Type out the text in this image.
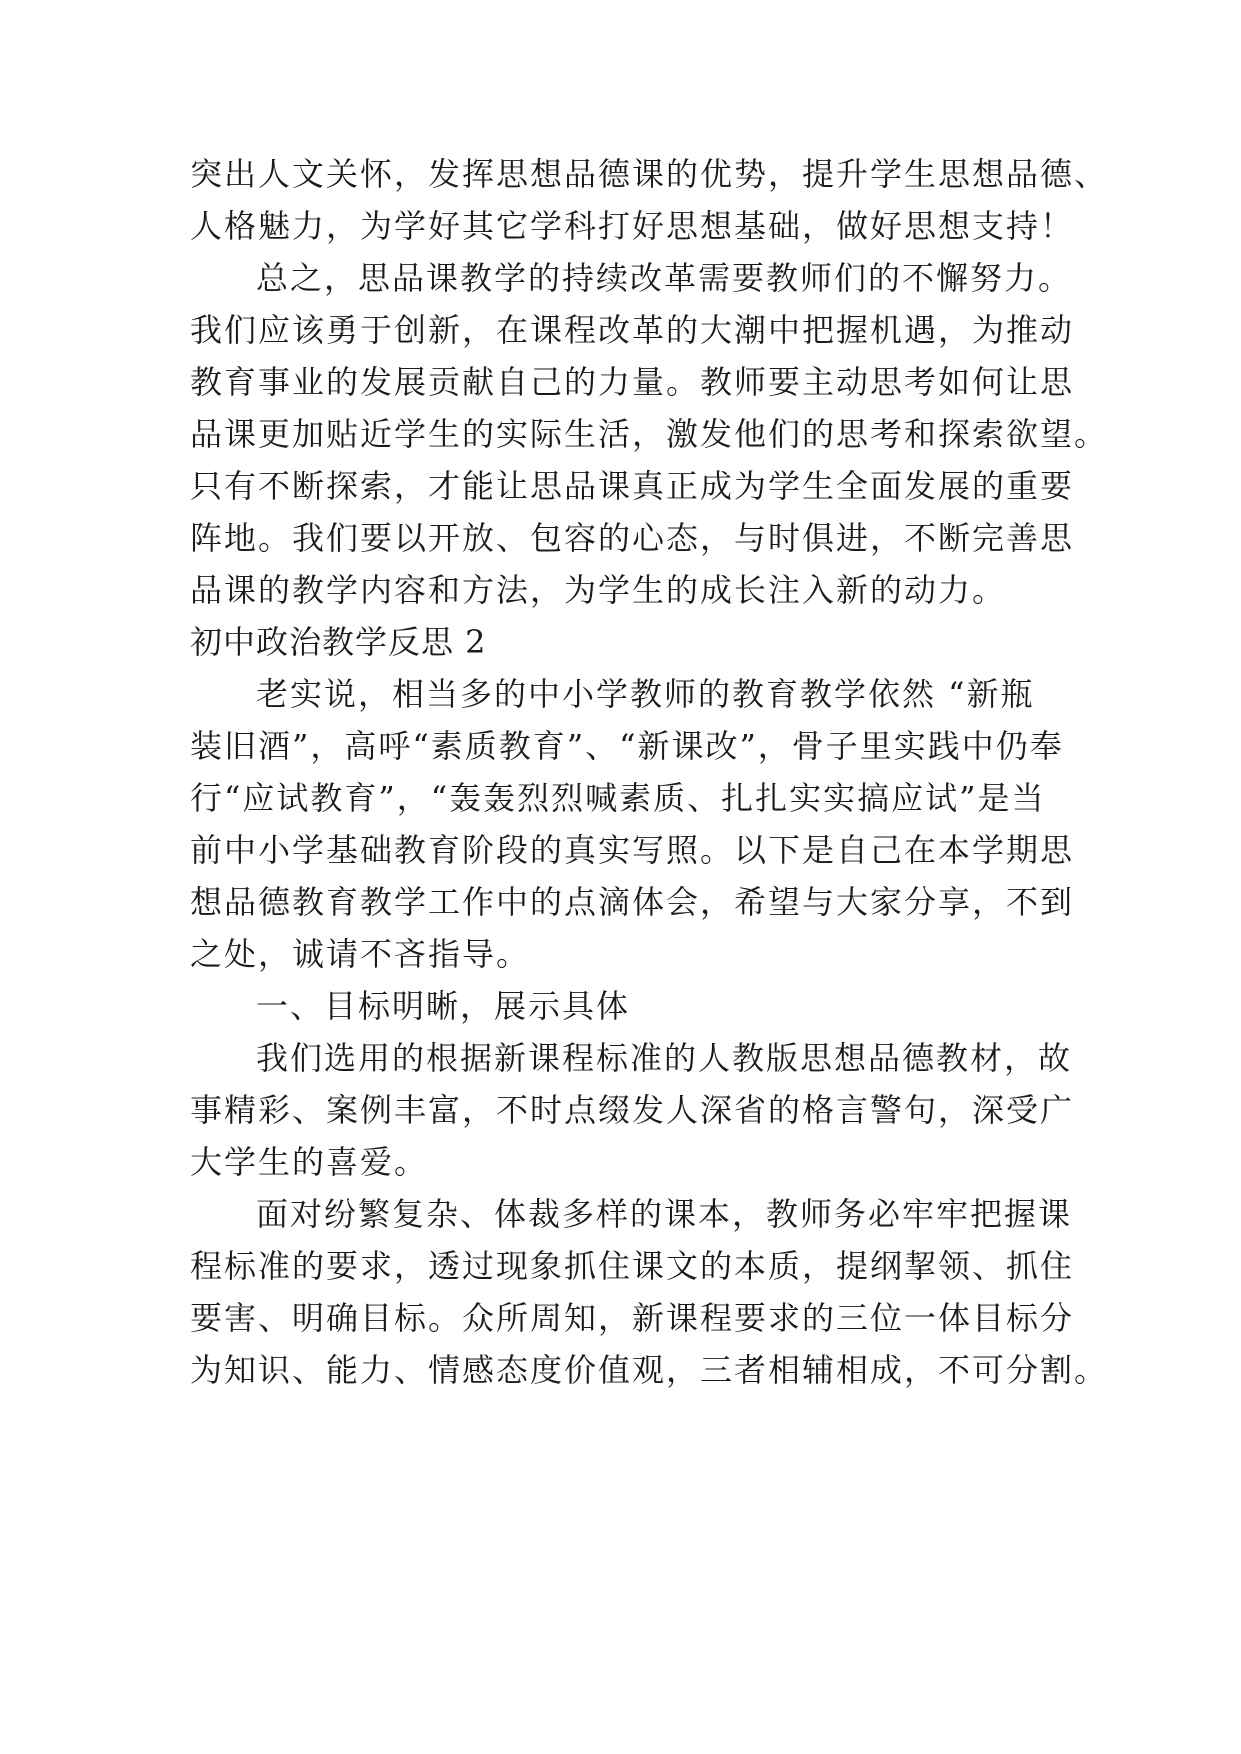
突出人文关怀，发挥思想品德课的优势，提升学生思想品德、
人格魅力，为学好其它学科打好思想基础，做好思想支持！
总之，思品课教学的持续改革需要教师们的不懈努力。
我们应该勇于创新，在课程改革的大潮中把握机遇，为推动
教育事业的发展贡献自己的力量。教师要主动思考如何让思
品课更加贴近学生的实际生活，激发他们的思考和探索欲望。
只有不断探索，才能让思品课真正成为学生全面发展的重要
阵地。我们要以开放、包容的心态，与时俱进，不断完善思
品课的教学内容和方法，为学生的成长注入新的动力。
初中政治教学反思 2
老实说，相当多的中小学教师的教育教学依然 “新瓶
装旧酒”，高呼“素质教育”、“新课改”，骨子里实践中仍奉
行“应试教育”，“轰轰烈烈喊素质、扎扎实实搞应试”是当
前中小学基础教育阶段的真实写照。以下是自己在本学期思
想品德教育教学工作中的点滴体会，希望与大家分享，不到
之处，诚请不吝指导。
一、目标明晰，展示具体
我们选用的根据新课程标准的人教版思想品德教材，故
事精彩、案例丰富，不时点缀发人深省的格言警句，深受广
大学生的喜爱。
面对纷繁复杂、体裁多样的课本，教师务必牢牢把握课
程标准的要求，透过现象抓住课文的本质，提纲挈领、抓住
要害、明确目标。众所周知，新课程要求的三位一体目标分
为知识、能力、情感态度价值观，三者相辅相成，不可分割。
